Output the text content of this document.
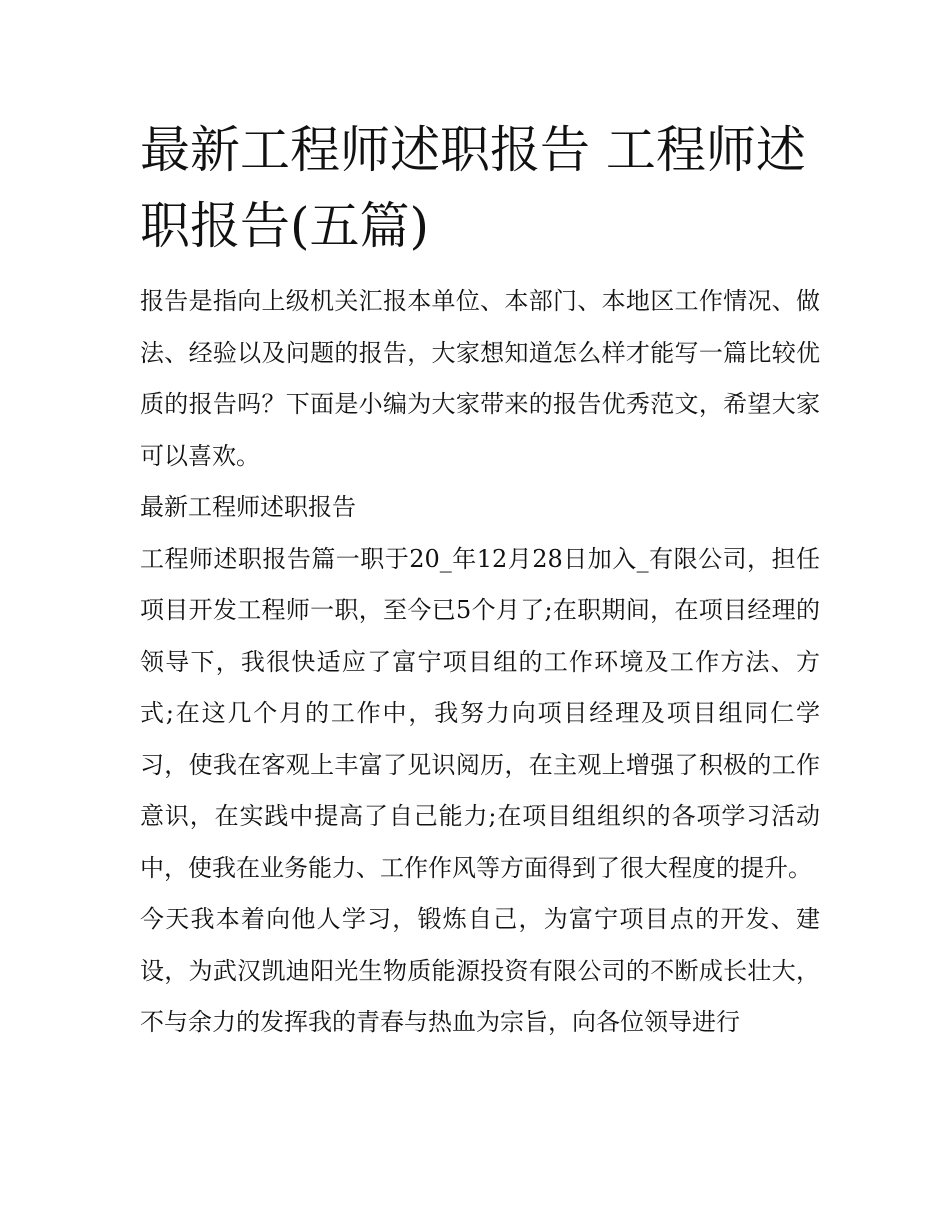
最新工程师述职报告 工程师述职报告(五篇)

报告是指向上级机关汇报本单位、本部门、本地区工作情况、做法、经验以及问题的报告，大家想知道怎么样才能写一篇比较优质的报告吗？下面是小编为大家带来的报告优秀范文，希望大家可以喜欢。

最新工程师述职报告

工程师述职报告篇一职于20_年12月28日加入_有限公司，担任项目开发工程师一职，至今已5个月了;在职期间，在项目经理的领导下，我很快适应了富宁项目组的工作环境及工作方法、方式;在这几个月的工作中，我努力向项目经理及项目组同仁学习，使我在客观上丰富了见识阅历，在主观上增强了积极的工作意识，在实践中提高了自己能力;在项目组组织的各项学习活动中，使我在业务能力、工作作风等方面得到了很大程度的提升。

今天我本着向他人学习，锻炼自己，为富宁项目点的开发、建设，为武汉凯迪阳光生物质能源投资有限公司的不断成长壮大，不与余力的发挥我的青春与热血为宗旨，向各位领导进行
